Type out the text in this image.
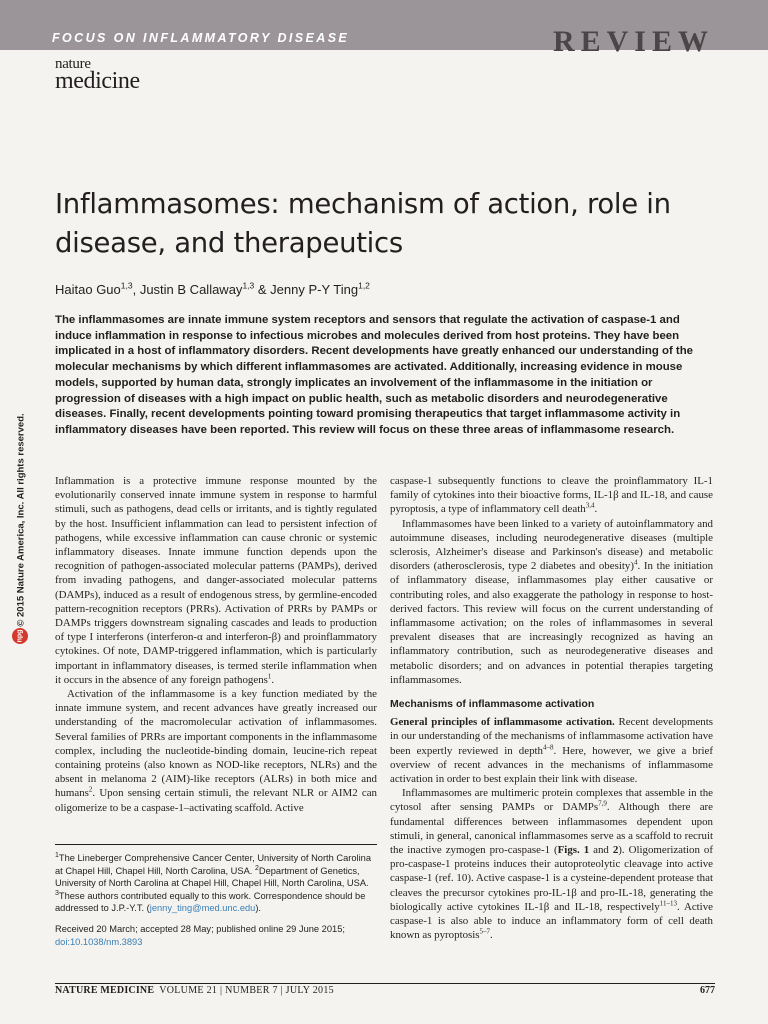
FOCUS ON INFLAMMATORY DISEASE	REVIEW
nature
medicine
Inflammasomes: mechanism of action, role in disease, and therapeutics
Haitao Guo$^{1,3}$, Justin B Callaway$^{1,3}$ & Jenny P-Y Ting$^{1,2}$

The inflammasomes are innate immune system receptors and sensors that regulate the activation of caspase-1 and induce inflammation in response to infectious microbes and molecules derived from host proteins. They have been implicated in a host of inflammatory disorders. Recent developments have greatly enhanced our understanding of the molecular mechanisms by which different inflammasomes are activated. Additionally, increasing evidence in mouse models, supported by human data, strongly implicates an involvement of the inflammasome in the initiation or progression of diseases with a high impact on public health, such as metabolic disorders and neurodegenerative diseases. Finally, recent developments pointing toward promising therapeutics that target inflammasome activity in inflammatory diseases have been reported. This review will focus on these three areas of inflammasome research.

© 2015 Nature America, Inc. All rights reserved.
npg

Inflammation is a protective immune response mounted by the evolutionarily conserved innate immune system in response to harmful stimuli, such as pathogens, dead cells or irritants, and is tightly regulated by the host. Insufficient inflammation can lead to persistent infection of pathogens, while excessive inflammation can cause chronic or systemic inflammatory diseases. Innate immune function depends upon the recognition of pathogen-associated molecular patterns (PAMPs), derived from invading pathogens, and danger-associated molecular patterns (DAMPs), induced as a result of endogenous stress, by germline-encoded pattern-recognition receptors (PRRs). Activation of PRRs by PAMPs or DAMPs triggers downstream signaling cascades and leads to production of type I interferons (interferon-α and interferon-β) and proinflammatory cytokines. Of note, DAMP-triggered inflammation, which is particularly important in inflammatory diseases, is termed sterile inflammation when it occurs in the absence of any foreign pathogens$^1$.

Activation of the inflammasome is a key function mediated by the innate immune system, and recent advances have greatly increased our understanding of the macromolecular activation of inflammasomes. Several families of PRRs are important components in the inflammasome complex, including the nucleotide-binding domain, leucine-rich repeat containing proteins (also known as NOD-like receptors, NLRs) and the absent in melanoma 2 (AIM)-like receptors (ALRs) in both mice and humans$^2$. Upon sensing certain stimuli, the relevant NLR or AIM2 can oligomerize to be a caspase-1–activating scaffold. Active

$^1$The Lineberger Comprehensive Cancer Center, University of North Carolina at Chapel Hill, Chapel Hill, North Carolina, USA. $^2$Department of Genetics, University of North Carolina at Chapel Hill, Chapel Hill, North Carolina, USA. $^3$These authors contributed equally to this work. Correspondence should be addressed to J.P.-Y.T. (jenny_ting@med.unc.edu).

Received 20 March; accepted 28 May; published online 29 June 2015;

doi:10.1038/nm.3893

caspase-1 subsequently functions to cleave the proinflammatory IL-1 family of cytokines into their bioactive forms, IL-1β and IL-18, and cause pyroptosis, a type of inflammatory cell death$^{3,4}$.

Inflammasomes have been linked to a variety of autoinflammatory and autoimmune diseases, including neurodegenerative diseases (multiple sclerosis, Alzheimer's disease and Parkinson's disease) and metabolic disorders (atherosclerosis, type 2 diabetes and obesity)$^4$. In the initiation of inflammatory disease, inflammasomes play either causative or contributing roles, and also exaggerate the pathology in response to host-derived factors. This review will focus on the current understanding of inflammasome activation; on the roles of inflammasomes in several prevalent diseases that are increasingly recognized as having an inflammatory contribution, such as neurodegenerative diseases and metabolic disorders; and on advances in potential therapies targeting inflammasomes.

Mechanisms of inflammasome activation

General principles of inflammasome activation. Recent developments in our understanding of the mechanisms of inflammasome activation have been expertly reviewed in depth$^{4-8}$. Here, however, we give a brief overview of recent advances in the mechanisms of inflammasome activation in order to best explain their link with disease.

Inflammasomes are multimeric protein complexes that assemble in the cytosol after sensing PAMPs or DAMPs$^{7,9}$. Although there are fundamental differences between inflammasomes dependent upon stimuli, in general, canonical inflammasomes serve as a scaffold to recruit the inactive zymogen pro-caspase-1 (Figs. 1 and 2). Oligomerization of pro-caspase-1 proteins induces their autoproteolytic cleavage into active caspase-1 (ref. 10). Active caspase-1 is a cysteine-dependent protease that cleaves the precursor cytokines pro-IL-1β and pro-IL-18, generating the biologically active cytokines IL-1β and IL-18, respectively$^{11-13}$. Active caspase-1 is also able to induce an inflammatory form of cell death known as pyroptosis$^{5-7}$.

NATURE MEDICINE VOLUME 21 | NUMBER 7 | JULY 2015	677
